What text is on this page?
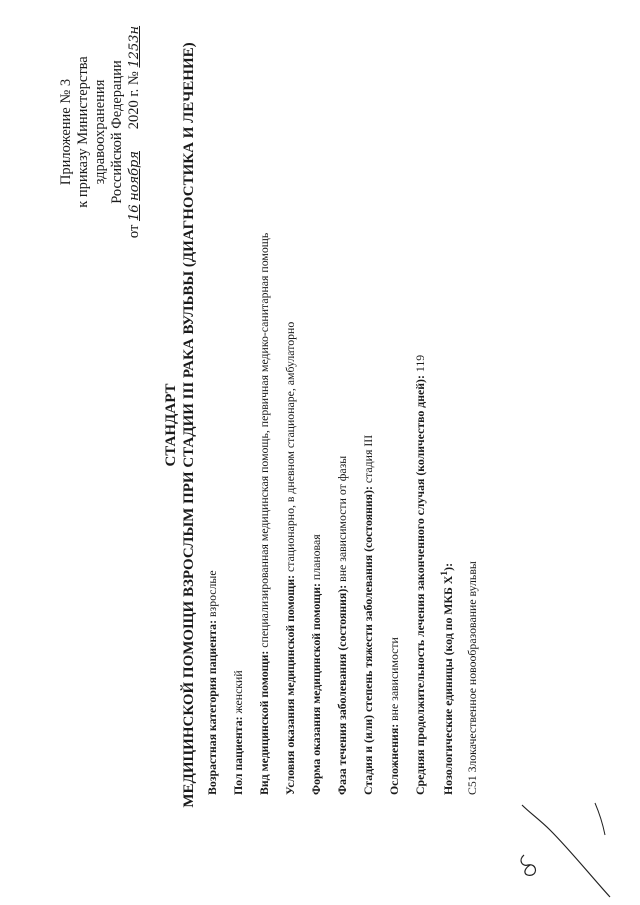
Приложение № 3 к приказу Министерства здравоохранения Российской Федерации
от 16 ноября      2020 г. № 1253н
СТАНДАРТ МЕДИЦИНСКОЙ ПОМОЩИ ВЗРОСЛЫМ ПРИ СТАДИИ III РАКА ВУЛЬВЫ (ДИАГНОСТИКА И ЛЕЧЕНИЕ) Возрастная категория пациента: взрослые
Пол пациента: женский Вид медицинской помощи: специализированная медицинская помощь, первичная медико-санитарная помощь
Условия оказания медицинской помощи: стационарно, в дневном стационаре, амбулаторно
Форма оказания медицинской помощи: плановая
Фаза течения заболевания (состояния): вне зависимости от фазы Стадия и (или) степень тяжести заболевания (состояния): стадия III
Осложнения: вне зависимости Средняя продолжительность лечения законченного случая (количество дней): 119
Нозологические единицы (код по МКБ $X^1$): C51 Злокачественное новообразование вульвы
